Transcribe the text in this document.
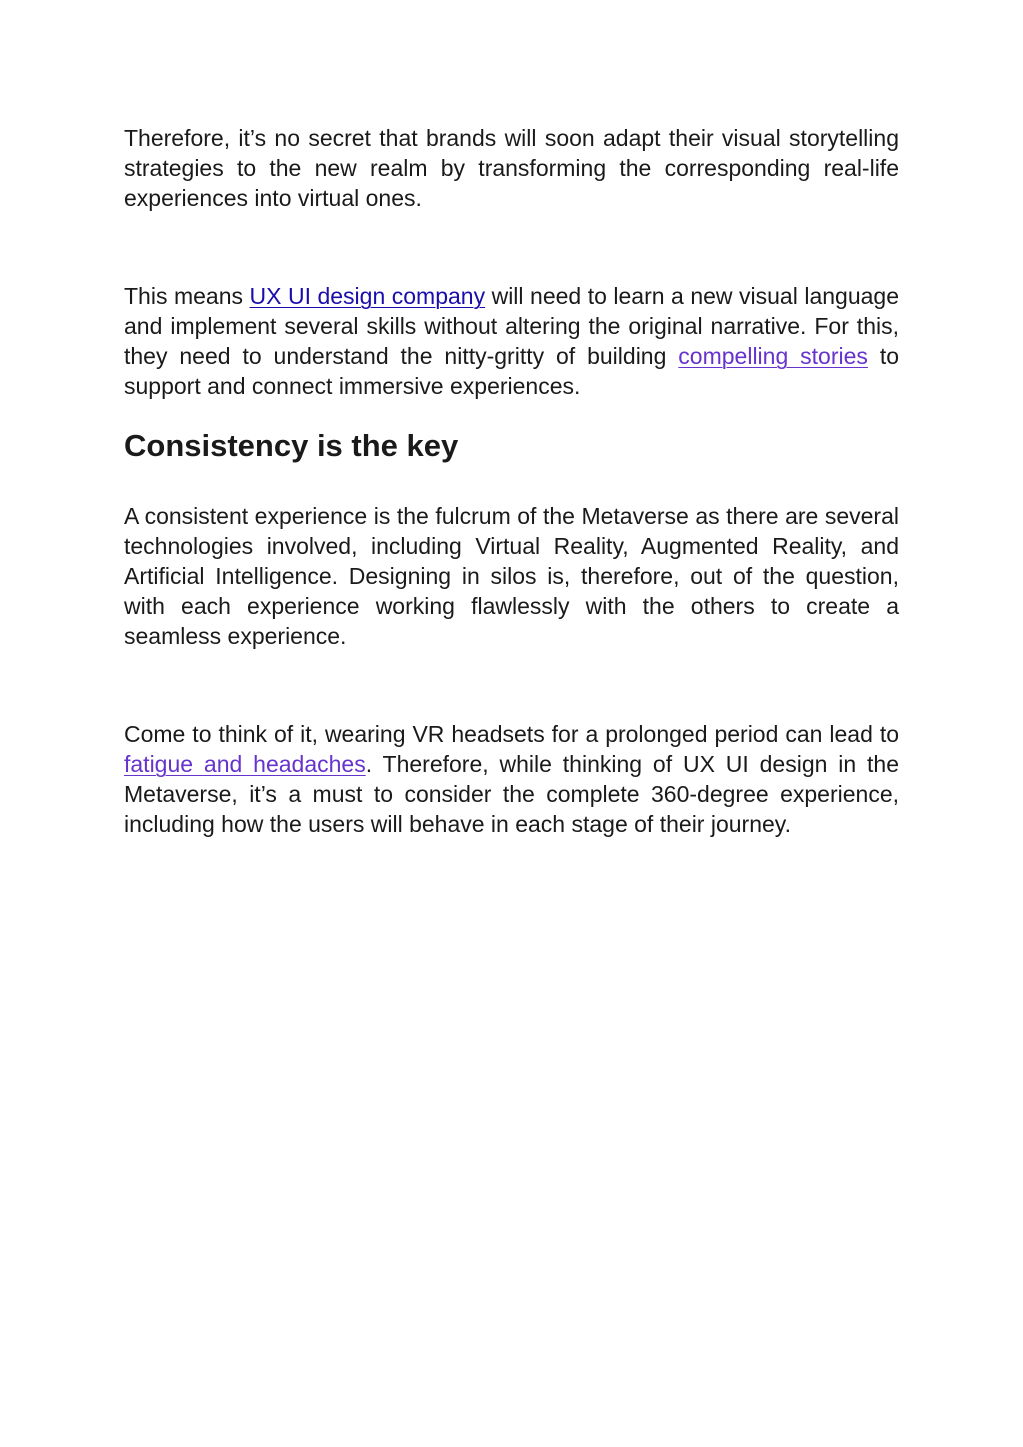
Therefore, it’s no secret that brands will soon adapt their visual storytelling strategies to the new realm by transforming the corresponding real-life experiences into virtual ones.

This means UX UI design company will need to learn a new visual language and implement several skills without altering the original narrative. For this, they need to understand the nitty-gritty of building compelling stories to support and connect immersive experiences.

Consistency is the key

A consistent experience is the fulcrum of the Metaverse as there are several technologies involved, including Virtual Reality, Augmented Reality, and Artificial Intelligence. Designing in silos is, therefore, out of the question, with each experience working flawlessly with the others to create a seamless experience.

Come to think of it, wearing VR headsets for a prolonged period can lead to fatigue and headaches. Therefore, while thinking of UX UI design in the Metaverse, it’s a must to consider the complete 360-degree experience, including how the users will behave in each stage of their journey.
